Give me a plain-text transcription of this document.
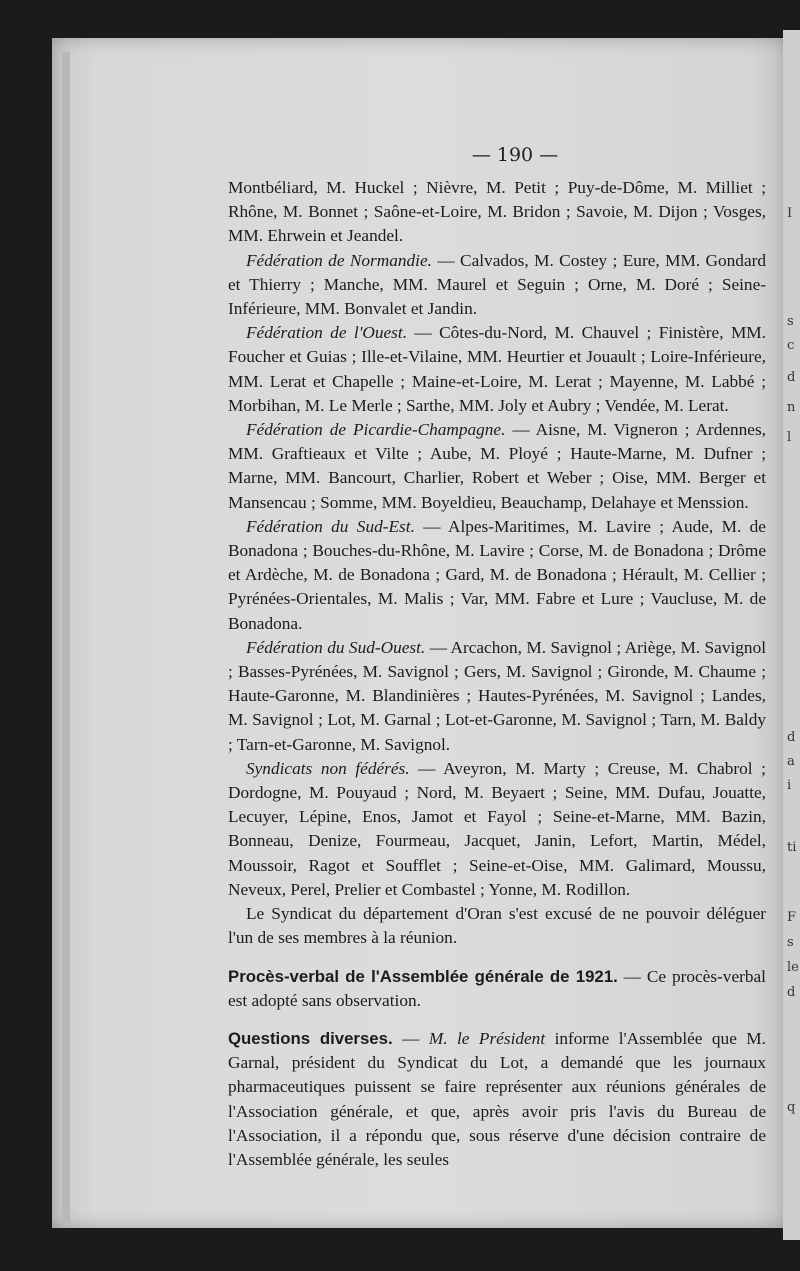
I
s
c
d
n
l
d
a
i
ti
F
s
le
d
q
— 190 —

Montbéliard, M. Huckel ; Nièvre, M. Petit ; Puy-de-Dôme, M. Milliet ; Rhône, M. Bonnet ; Saône-et-Loire, M. Bridon ; Savoie, M. Dijon ; Vosges, MM. Ehrwein et Jeandel.

Fédération de Normandie. — Calvados, M. Costey ; Eure, MM. Gondard et Thierry ; Manche, MM. Maurel et Seguin ; Orne, M. Doré ; Seine-Inférieure, MM. Bonvalet et Jandin.

Fédération de l'Ouest. — Côtes-du-Nord, M. Chauvel ; Finistère, MM. Foucher et Guias ; Ille-et-Vilaine, MM. Heurtier et Jouault ; Loire-Inférieure, MM. Lerat et Chapelle ; Maine-et-Loire, M. Lerat ; Mayenne, M. Labbé ; Morbihan, M. Le Merle ; Sarthe, MM. Joly et Aubry ; Vendée, M. Lerat.

Fédération de Picardie-Champagne. — Aisne, M. Vigneron ; Ardennes, MM. Graftieaux et Vilte ; Aube, M. Ployé ; Haute-Marne, M. Dufner ; Marne, MM. Bancourt, Charlier, Robert et Weber ; Oise, MM. Berger et Mansencau ; Somme, MM. Boyeldieu, Beauchamp, Delahaye et Menssion.

Fédération du Sud-Est. — Alpes-Maritimes, M. Lavire ; Aude, M. de Bonadona ; Bouches-du-Rhône, M. Lavire ; Corse, M. de Bonadona ; Drôme et Ardèche, M. de Bonadona ; Gard, M. de Bonadona ; Hérault, M. Cellier ; Pyrénées-Orientales, M. Malis ; Var, MM. Fabre et Lure ; Vaucluse, M. de Bonadona.

Fédération du Sud-Ouest. — Arcachon, M. Savignol ; Ariège, M. Savignol ; Basses-Pyrénées, M. Savignol ; Gers, M. Savignol ; Gironde, M. Chaume ; Haute-Garonne, M. Blandinières ; Hautes-Pyrénées, M. Savignol ; Landes, M. Savignol ; Lot, M. Garnal ; Lot-et-Garonne, M. Savignol ; Tarn, M. Baldy ; Tarn-et-Garonne, M. Savignol.

Syndicats non fédérés. — Aveyron, M. Marty ; Creuse, M. Chabrol ; Dordogne, M. Pouyaud ; Nord, M. Beyaert ; Seine, MM. Dufau, Jouatte, Lecuyer, Lépine, Enos, Jamot et Fayol ; Seine-et-Marne, MM. Bazin, Bonneau, Denize, Fourmeau, Jacquet, Janin, Lefort, Martin, Médel, Moussoir, Ragot et Soufflet ; Seine-et-Oise, MM. Galimard, Moussu, Neveux, Perel, Prelier et Combastel ; Yonne, M. Rodillon.

Le Syndicat du département d'Oran s'est excusé de ne pouvoir déléguer l'un de ses membres à la réunion.

Procès-verbal de l'Assemblée générale de 1921. — Ce procès-verbal est adopté sans observation.

Questions diverses. — M. le Président informe l'Assemblée que M. Garnal, président du Syndicat du Lot, a demandé que les journaux pharmaceutiques puissent se faire représenter aux réunions générales de l'Association générale, et que, après avoir pris l'avis du Bureau de l'Association, il a répondu que, sous réserve d'une décision contraire de l'Assemblée générale, les seules
